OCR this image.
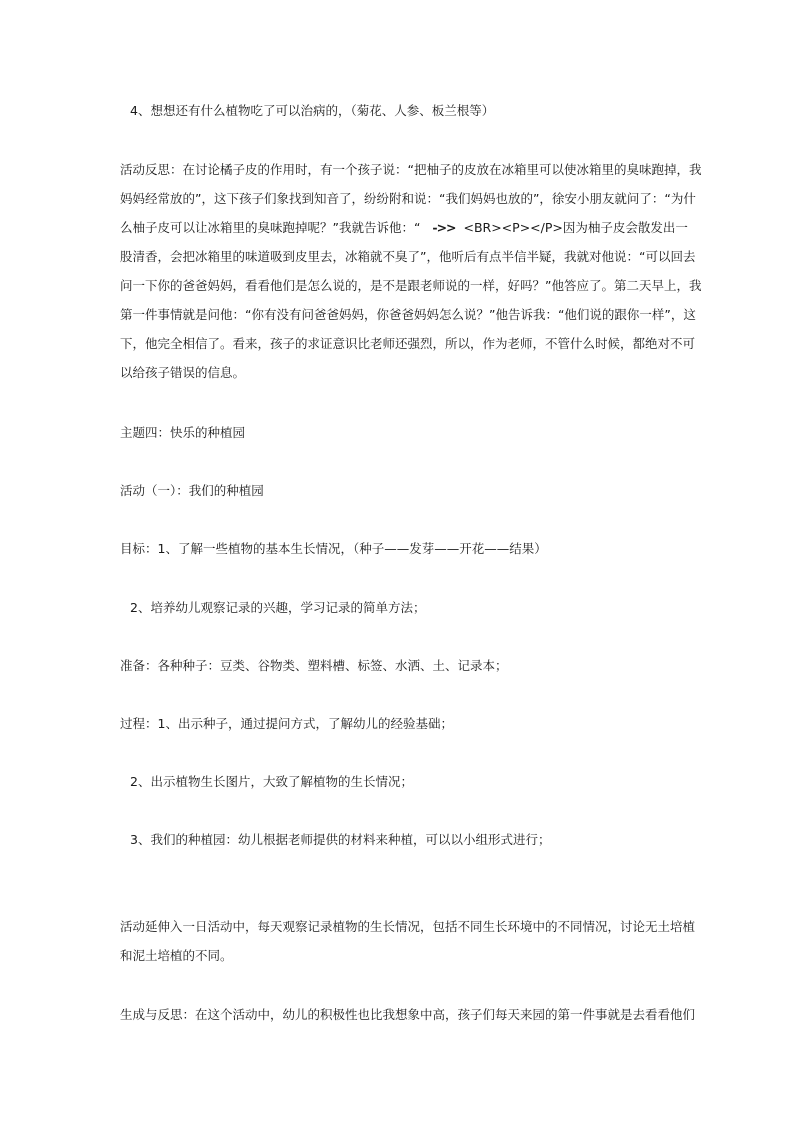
4、想想还有什么植物吃了可以治病的，（菊花、人参、板兰根等）
活动反思：在讨论橘子皮的作用时，有一个孩子说：“把柚子的皮放在冰箱里可以使冰箱里的臭味跑掉，我
妈妈经常放的”，这下孩子们象找到知音了，纷纷附和说：“我们妈妈也放的”，徐安小朋友就问了：“为什
么柚子皮可以让冰箱里的臭味跑掉呢？”我就告诉他：“ ->> <BR><P></P>因为柚子皮会散发出一
股清香，会把冰箱里的味道吸到皮里去，冰箱就不臭了”，他听后有点半信半疑，我就对他说：“可以回去
问一下你的爸爸妈妈，看看他们是怎么说的，是不是跟老师说的一样，好吗？”他答应了。第二天早上，我
第一件事情就是问他：“你有没有问爸爸妈妈，你爸爸妈妈怎么说？”他告诉我：“他们说的跟你一样”，这
下，他完全相信了。看来，孩子的求证意识比老师还强烈，所以，作为老师，不管什么时候，都绝对不可
以给孩子错误的信息。
主题四：快乐的种植园
活动（一）：我们的种植园
目标：1、了解一些植物的基本生长情况，（种子——发芽——开花——结果）
2、培养幼儿观察记录的兴趣，学习记录的简单方法；
准备：各种种子：豆类、谷物类、塑料槽、标签、水洒、土、记录本；
过程：1、出示种子，通过提问方式，了解幼儿的经验基础；
2、出示植物生长图片，大致了解植物的生长情况；
3、我们的种植园：幼儿根据老师提供的材料来种植，可以以小组形式进行；
活动延伸入一日活动中，每天观察记录植物的生长情况，包括不同生长环境中的不同情况，讨论无土培植
和泥土培植的不同。
生成与反思：在这个活动中，幼儿的积极性也比我想象中高，孩子们每天来园的第一件事就是去看看他们
